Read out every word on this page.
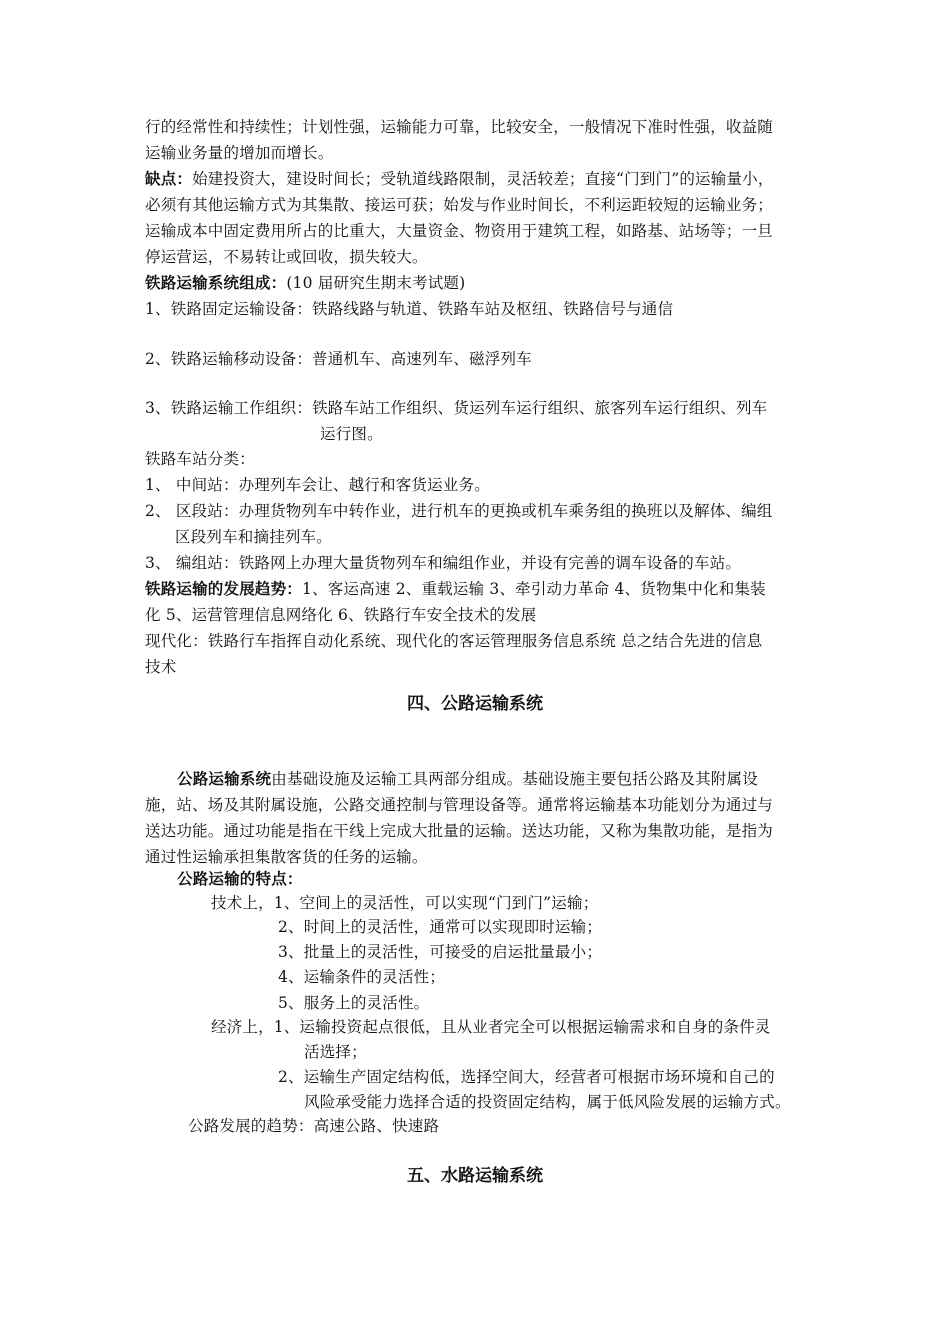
行的经常性和持续性；计划性强，运输能力可靠，比较安全，一般情况下准时性强，收益随
运输业务量的增加而增长。
缺点：始建投资大，建设时间长；受轨道线路限制，灵活较差；直接“门到门”的运输量小，
必须有其他运输方式为其集散、接运可获；始发与作业时间长，不利运距较短的运输业务；
运输成本中固定费用所占的比重大，大量资金、物资用于建筑工程，如路基、站场等；一旦
停运营运，不易转让或回收，损失较大。
铁路运输系统组成：(10 届研究生期末考试题)
1、铁路固定运输设备：铁路线路与轨道、铁路车站及枢纽、铁路信号与通信
2、铁路运输移动设备：普通机车、高速列车、磁浮列车
3、铁路运输工作组织：铁路车站工作组织、货运列车运行组织、旅客列车运行组织、列车
运行图。
铁路车站分类：
1、 中间站：办理列车会让、越行和客货运业务。
2、 区段站：办理货物列车中转作业，进行机车的更换或机车乘务组的换班以及解体、编组
区段列车和摘挂列车。
3、 编组站：铁路网上办理大量货物列车和编组作业，并设有完善的调车设备的车站。
铁路运输的发展趋势：1、客运高速 2、重载运输 3、牵引动力革命 4、货物集中化和集装
化 5、运营管理信息网络化 6、铁路行车安全技术的发展
现代化：铁路行车指挥自动化系统、现代化的客运管理服务信息系统 总之结合先进的信息
技术
四、公路运输系统
公路运输系统由基础设施及运输工具两部分组成。基础设施主要包括公路及其附属设
施，站、场及其附属设施，公路交通控制与管理设备等。通常将运输基本功能划分为通过与
送达功能。通过功能是指在干线上完成大批量的运输。送达功能，又称为集散功能，是指为
通过性运输承担集散客货的任务的运输。
公路运输的特点：
技术上，1、空间上的灵活性，可以实现“门到门”运输；
2、时间上的灵活性，通常可以实现即时运输；
3、批量上的灵活性，可接受的启运批量最小；
4、运输条件的灵活性；
5、服务上的灵活性。
经济上，1、运输投资起点很低，且从业者完全可以根据运输需求和自身的条件灵
活选择；
2、运输生产固定结构低，选择空间大，经营者可根据市场环境和自己的
风险承受能力选择合适的投资固定结构，属于低风险发展的运输方式。
公路发展的趋势：高速公路、快速路
五、水路运输系统
